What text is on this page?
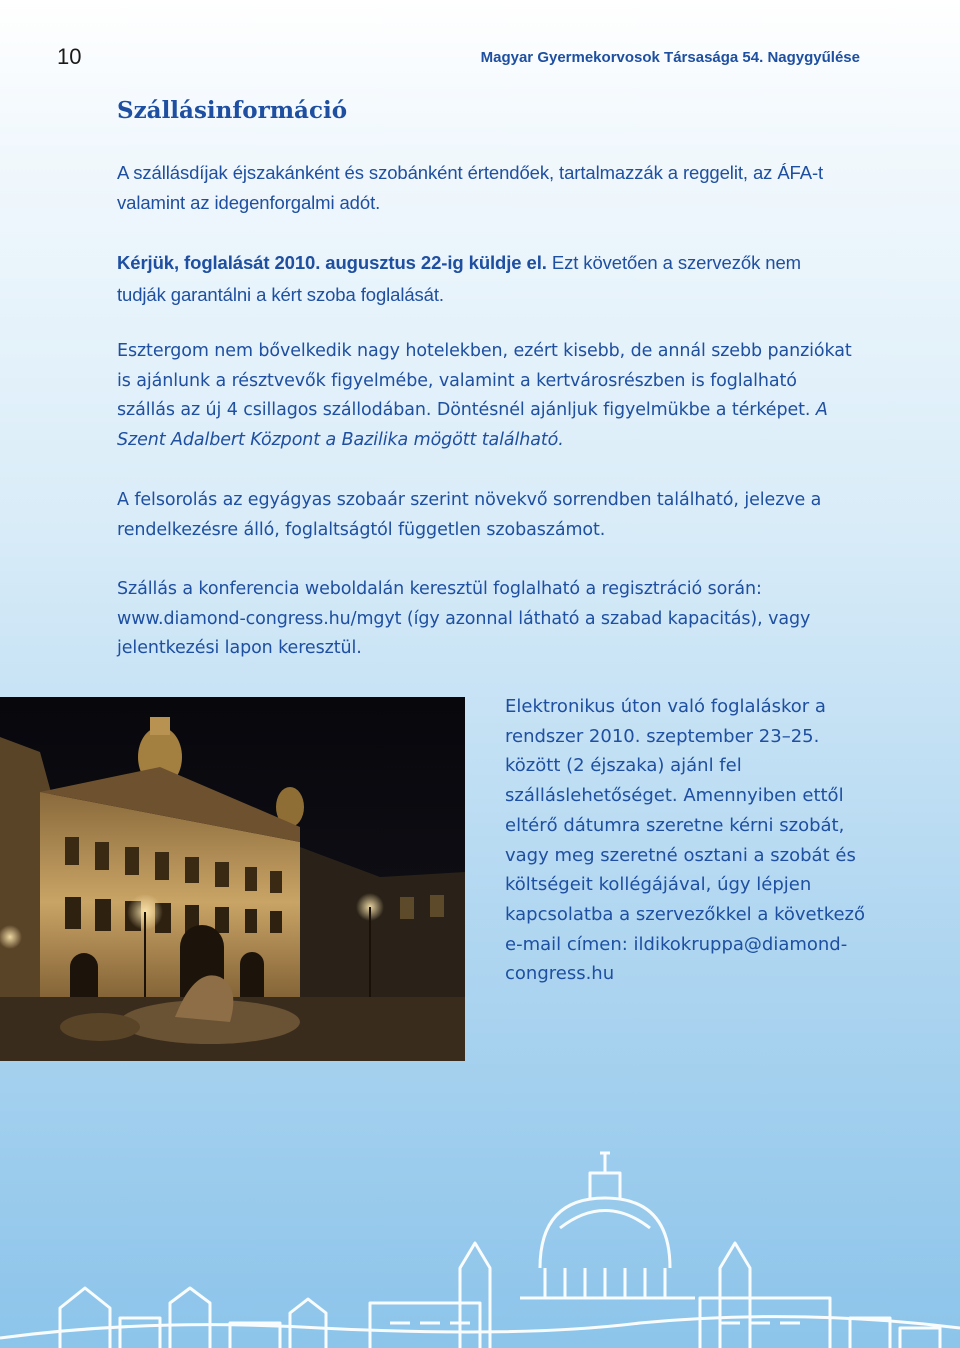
10	Magyar Gyermekorvosok Társasága 54. Nagygyűlése
Szállásinformáció

A szállásdíjak éjszakánként és szobánként értendőek, tartalmazzák a reggelit, az ÁFA-t valamint az idegenforgalmi adót.

Kérjük, foglalását 2010. augusztus 22-ig küldje el. Ezt követően a szervezők nem tudják garantálni a kért szoba foglalását.

Esztergom nem bővelkedik nagy hotelekben, ezért kisebb, de annál szebb panziókat is ajánlunk a résztvevők figyelmébe, valamint a kertvárosrészben is foglalható szállás az új 4 csillagos szállodában. Döntésnél ajánljuk figyelmükbe a térképet. A Szent Adalbert Központ a Bazilika mögött található.

A felsorolás az egyágyas szobaár szerint növekvő sorrendben található, jelezve a rendelkezésre álló, foglaltságtól független szobaszámot.

Szállás a konferencia weboldalán keresztül foglalható a regisztráció során: www.diamond-congress.hu/mgyt (így azonnal látható a szabad kapacitás), vagy jelentkezési lapon keresztül.

Elektronikus úton való foglaláskor a rendszer 2010. szeptember 23–25. között (2 éjszaka) ajánl fel szálláslehetőséget. Amennyiben ettől eltérő dátumra szeretne kérni szobát, vagy meg szeretné osztani a szobát és költségeit kollégájával, úgy lépjen kapcsolatba a szervezőkkel a következő e-mail címen: ildikokruppa@diamond-congress.hu
